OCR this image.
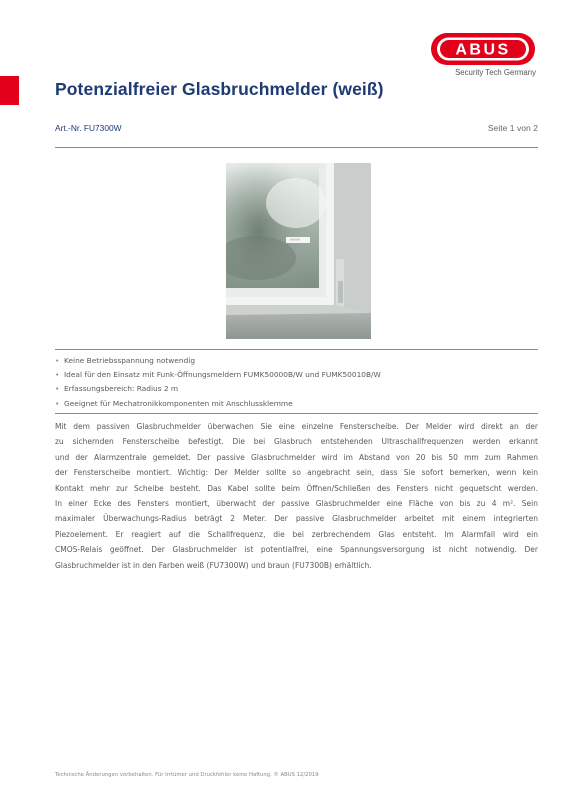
ABUS
Security Tech Germany
Potenzialfreier Glasbruchmelder (weiß)
Art.-Nr. FU7300W	Seite 1 von 2
• Keine Betriebsspannung notwendig
• Ideal für den Einsatz mit Funk-Öffnungsmeldern FUMK50000B/W und FUMK50010B/W
• Erfassungsbereich: Radius 2 m
• Geeignet für Mechatronikkomponenten mit Anschlussklemme
Mit dem passiven Glasbruchmelder überwachen Sie eine einzelne Fensterscheibe. Der Melder wird direkt an der
zu sichernden Fensterscheibe befestigt. Die bei Glasbruch entstehenden Ultraschallfrequenzen werden erkannt
und der Alarmzentrale gemeldet. Der passive Glasbruchmelder wird im Abstand von 20 bis 50 mm zum Rahmen
der Fensterscheibe montiert. Wichtig: Der Melder sollte so angebracht sein, dass Sie sofort bemerken, wenn kein
Kontakt mehr zur Scheibe besteht. Das Kabel sollte beim Öffnen/Schließen des Fensters nicht gequetscht werden.
In einer Ecke des Fensters montiert, überwacht der passive Glasbruchmelder eine Fläche von bis zu 4 m². Sein
maximaler Überwachungs-Radius beträgt 2 Meter. Der passive Glasbruchmelder arbeitet mit einem integrierten
Piezoelement. Er reagiert auf die Schallfrequenz, die bei zerbrechendem Glas entsteht. Im Alarmfall wird ein
CMOS-Relais geöffnet. Der Glasbruchmelder ist potentialfrei, eine Spannungsversorgung ist nicht notwendig. Der
Glasbruchmelder ist in den Farben weiß (FU7300W) und braun (FU7300B) erhältlich.
Technische Änderungen vorbehalten. Für Irrtümer und Druckfehler keine Haftung. © ABUS 12/2019
